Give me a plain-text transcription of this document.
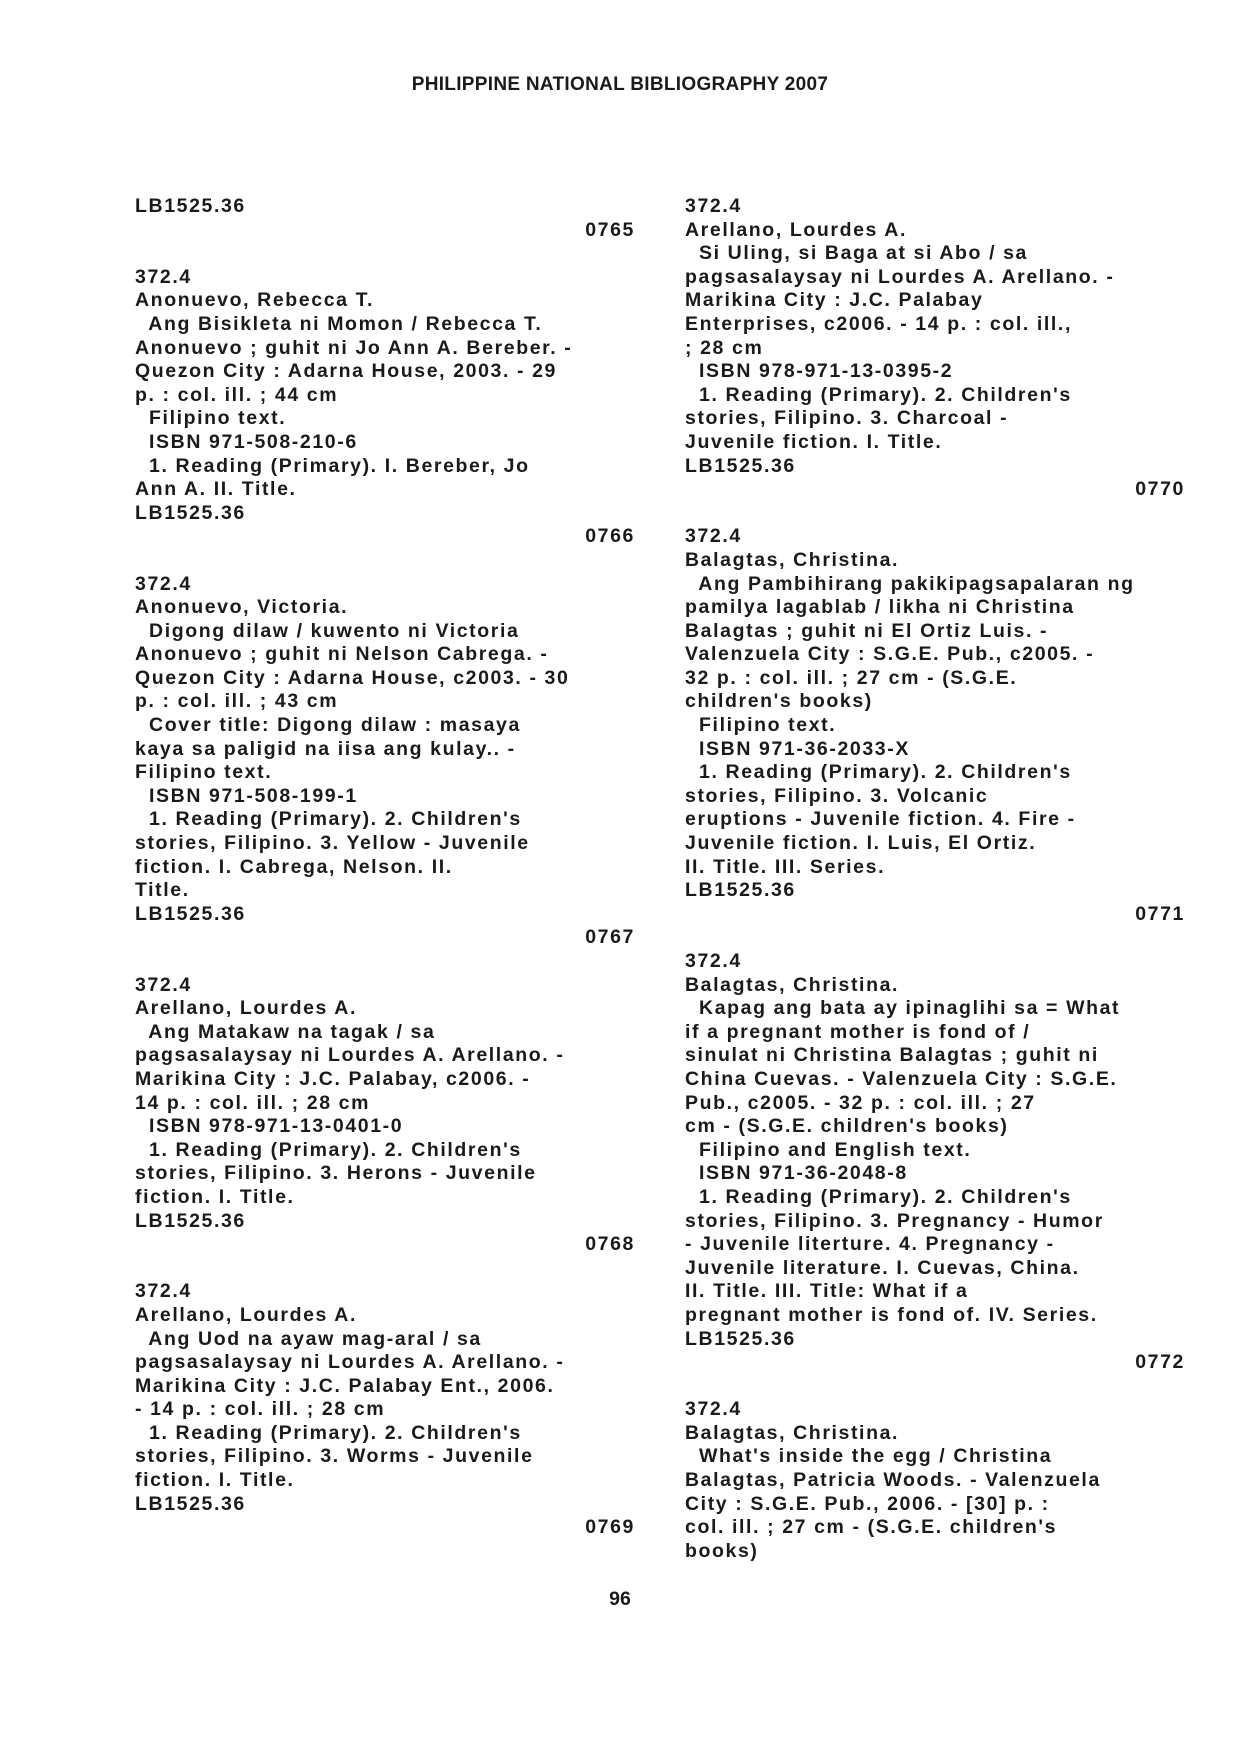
PHILIPPINE NATIONAL BIBLIOGRAPHY 2007
LB1525.36
0765
372.4
Anonuevo, Rebecca T.
Ang Bisikleta ni Momon / Rebecca T.
Anonuevo ; guhit ni Jo Ann A. Bereber. -
Quezon City : Adarna House, 2003. - 29
p. : col. ill. ; 44 cm
Filipino text.
ISBN 971-508-210-6
1. Reading (Primary). I. Bereber, Jo
Ann A. II. Title.
LB1525.36
0766
372.4
Anonuevo, Victoria.
Digong dilaw / kuwento ni Victoria
Anonuevo ; guhit ni Nelson Cabrega. -
Quezon City : Adarna House, c2003. - 30
p. : col. ill. ; 43 cm
Cover title: Digong dilaw : masaya
kaya sa paligid na iisa ang kulay.. -
Filipino text.
ISBN 971-508-199-1
1. Reading (Primary). 2. Children's
stories, Filipino. 3. Yellow - Juvenile
fiction. I. Cabrega, Nelson. II.
Title.
LB1525.36
0767
372.4
Arellano, Lourdes A.
Ang Matakaw na tagak / sa
pagsasalaysay ni Lourdes A. Arellano. -
Marikina City : J.C. Palabay, c2006. -
14 p. : col. ill. ; 28 cm
ISBN 978-971-13-0401-0
1. Reading (Primary). 2. Children's
stories, Filipino. 3. Herons - Juvenile
fiction. I. Title.
LB1525.36
0768
372.4
Arellano, Lourdes A.
Ang Uod na ayaw mag-aral / sa
pagsasalaysay ni Lourdes A. Arellano. -
Marikina City : J.C. Palabay Ent., 2006.
- 14 p. : col. ill. ; 28 cm
1. Reading (Primary). 2. Children's
stories, Filipino. 3. Worms - Juvenile
fiction. I. Title.
LB1525.36
0769
372.4
Arellano, Lourdes A.
Si Uling, si Baga at si Abo / sa
pagsasalaysay ni Lourdes A. Arellano. -
Marikina City : J.C. Palabay
Enterprises, c2006. - 14 p. : col. ill.,
; 28 cm
ISBN 978-971-13-0395-2
1. Reading (Primary). 2. Children's
stories, Filipino. 3. Charcoal -
Juvenile fiction. I. Title.
LB1525.36
0770
372.4
Balagtas, Christina.
Ang Pambihirang pakikipagsapalaran ng
pamilya lagablab / likha ni Christina
Balagtas ; guhit ni El Ortiz Luis. -
Valenzuela City : S.G.E. Pub., c2005. -
32 p. : col. ill. ; 27 cm - (S.G.E.
children's books)
Filipino text.
ISBN 971-36-2033-X
1. Reading (Primary). 2. Children's
stories, Filipino. 3. Volcanic
eruptions - Juvenile fiction. 4. Fire -
Juvenile fiction. I. Luis, El Ortiz.
II. Title. III. Series.
LB1525.36
0771
372.4
Balagtas, Christina.
Kapag ang bata ay ipinaglihi sa = What
if a pregnant mother is fond of /
sinulat ni Christina Balagtas ; guhit ni
China Cuevas. - Valenzuela City : S.G.E.
Pub., c2005. - 32 p. : col. ill. ; 27
cm - (S.G.E. children's books)
Filipino and English text.
ISBN 971-36-2048-8
1. Reading (Primary). 2. Children's
stories, Filipino. 3. Pregnancy - Humor
- Juvenile literture. 4. Pregnancy -
Juvenile literature. I. Cuevas, China.
II. Title. III. Title: What if a
pregnant mother is fond of. IV. Series.
LB1525.36
0772
372.4
Balagtas, Christina.
What's inside the egg / Christina
Balagtas, Patricia Woods. - Valenzuela
City : S.G.E. Pub., 2006. - [30] p. :
col. ill. ; 27 cm - (S.G.E. children's
books)
96
